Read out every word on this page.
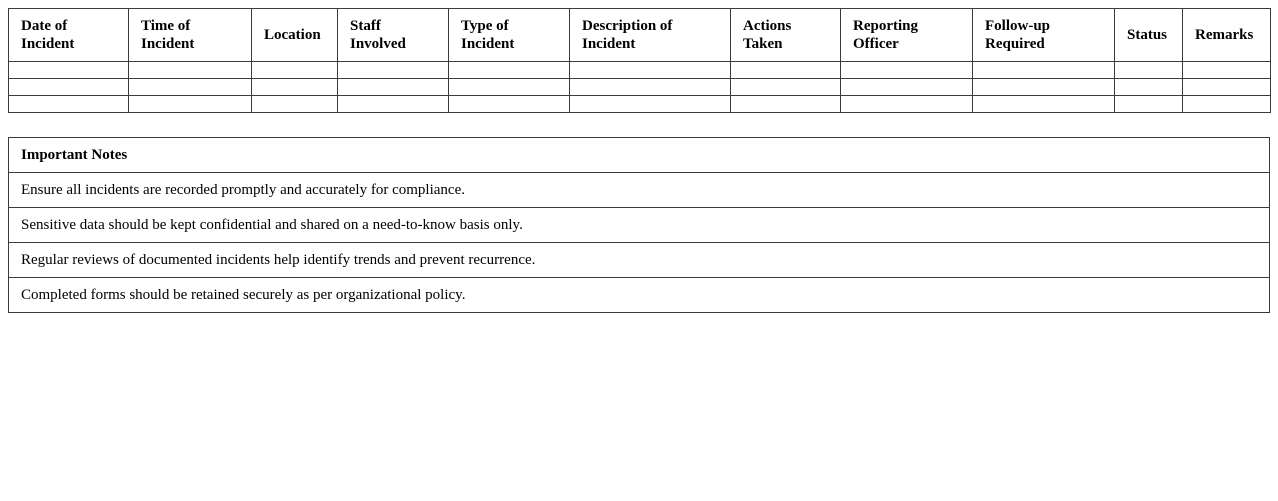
Date of Incident	Time of Incident	Location	Staff Involved	Type of Incident	Description of Incident	Actions Taken	Reporting Officer	Follow-up Required	Status	Remarks

Important Notes
Ensure all incidents are recorded promptly and accurately for compliance.
Sensitive data should be kept confidential and shared on a need-to-know basis only.
Regular reviews of documented incidents help identify trends and prevent recurrence.
Completed forms should be retained securely as per organizational policy.
